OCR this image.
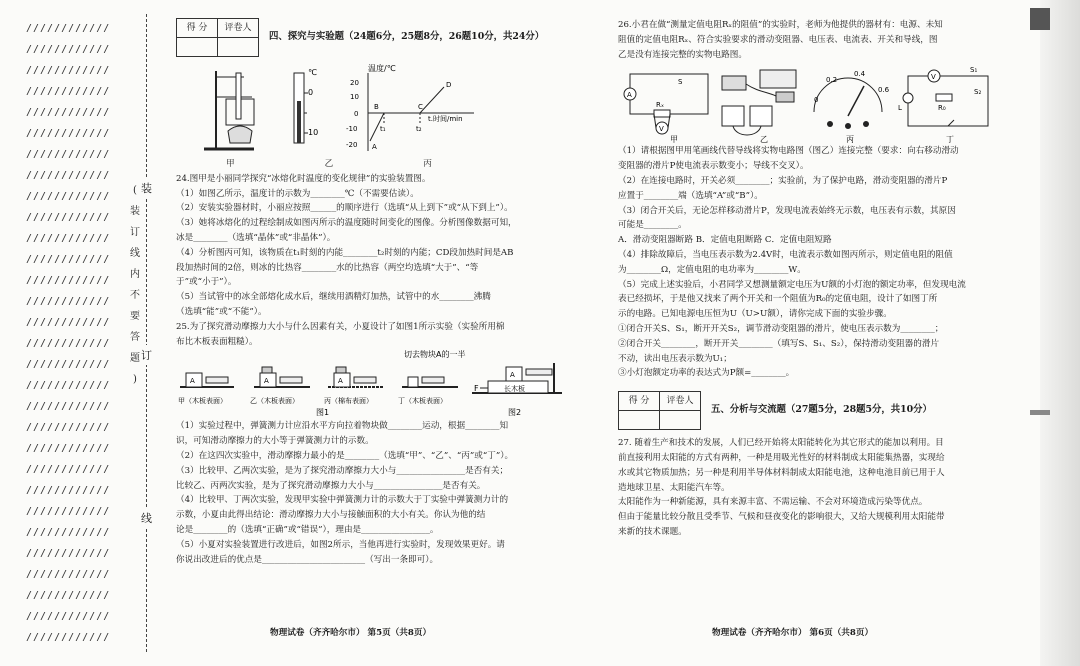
////////////
////////////
////////////
////////////
////////////
////////////
////////////
////////////
////////////
////////////
////////////
////////////
////////////
////////////
////////////
////////////
////////////
////////////
////////////
////////////
////////////
////////////
////////////
////////////
////////////
////////////
////////////
////////////
////////////
////////////
(
装
订
线
内
不
要
答
题
)
装
订
线
得 分	评卷人

四、探究与实验题（24题6分，25题8分，26题10分，共24分）
℃
0
10
温度/℃
20
10
0
-10
-20
B	C
D
A
t₁	t₂
t.时间/min
甲	乙	丙
24.图甲是小丽同学探究“冰熔化时温度的变化规律”的实验装置图。
（1）如图乙所示，温度计的示数为________℃（不需要估读）。
（2）安装实验器材时，小丽应按照______的顺序进行（选填“从上到下”或“从下到上”）。
（3）她将冰熔化的过程绘制成如图丙所示的温度随时间变化的图像。分析图像数据可知，
冰是________（选填“晶体”或“非晶体”）。
（4）分析图丙可知，该物质在t₁时刻的内能________t₂时刻的内能；CD段加热时间是AB
段加热时间的2倍，则冰的比热容________水的比热容（两空均选填“大于”、“等
于”或“小于”）。
（5）当试管中的冰全部熔化成水后，继续用酒精灯加热，试管中的水________沸腾
（选填“能”或“不能”）。
25.为了探究滑动摩擦力大小与什么因素有关，小夏设计了如图1所示实验（实验所用棉
布比木板表面粗糙）。
切去物块A的一半
A	A	A
长木板
A
F
甲（木板表面）	乙（木板表面）	丙（棉布表面）	丁（木板表面）
图1	图2
（1）实验过程中，弹簧测力计应沿水平方向拉着物块做________运动，根据________知
识，可知滑动摩擦力的大小等于弹簧测力计的示数。
（2）在这四次实验中，滑动摩擦力最小的是________（选填“甲”、“乙”、“丙”或“丁”）。
（3）比较甲、乙两次实验，是为了探究滑动摩擦力大小与________________是否有关；
比较乙、丙两次实验，是为了探究滑动摩擦力大小与________________是否有关。
（4）比较甲、丁两次实验，发现甲实验中弹簧测力计的示数大于丁实验中弹簧测力计的
示数，小夏由此得出结论：滑动摩擦力大小与接触面积的大小有关。你认为他的结
论是________的（选填“正确”或“错误”），理由是________________。
（5）小夏对实验装置进行改进后，如图2所示，当他再进行实验时，发现效果更好。请
你说出改进后的优点是________________________（写出一条即可）。
26.小君在做“测量定值电阻Rₓ的阻值”的实验时，老师为他提供的器材有：电源、未知
阻值的定值电阻Rₓ、符合实验要求的滑动变阻器、电压表、电流表、开关和导线，图
乙是没有连接完整的实物电路图。
A
Rₓ
V
S
0
0.2
0.4
0.6
V
L	R₀
S₁
S₂
甲	乙	丙	丁
（1）请根据图甲用笔画线代替导线将实物电路图（图乙）连接完整（要求：向右移动滑动
变阻器的滑片P使电流表示数变小；导线不交叉）。
（2）在连接电路时，开关必须________；实验前，为了保护电路，滑动变阻器的滑片P
应置于________端（选填“A”或“B”）。
（3）闭合开关后，无论怎样移动滑片P，发现电流表始终无示数，电压表有示数，其原因
可能是________。
A．滑动变阻器断路 B．定值电阻断路 C．定值电阻短路
（4）排除故障后，当电压表示数为2.4V时，电流表示数如图丙所示，则定值电阻的阻值
为________Ω，定值电阻的电功率为________W。
（5）完成上述实验后，小君同学又想测量额定电压为U额的小灯泡的额定功率，但发现电流
表已经损坏，于是他又找来了两个开关和一个阻值为R₀的定值电阻，设计了如图丁所
示的电路。已知电源电压恒为U（U>U额），请你完成下面的实验步骤。
①闭合开关S、S₁，断开开关S₂，调节滑动变阻器的滑片，使电压表示数为________；
②闭合开关________，断开开关________（填写S、S₁、S₂），保持滑动变阻器的滑片
不动，读出电压表示数为U₁；
③小灯泡额定功率的表达式为P额=________。
得 分	评卷人

五、分析与交流题（27题5分，28题5分，共10分）
27. 随着生产和技术的发展，人们已经开始将太阳能转化为其它形式的能加以利用。目
前直接利用太阳能的方式有两种，一种是用吸光性好的材料制成太阳能集热器，实现给
水或其它物质加热；另一种是利用半导体材料制成太阳能电池，这种电池目前已用于人
造地球卫星、太阳能汽车等。
太阳能作为一种新能源，具有来源丰富、不需运输、不会对环境造成污染等优点。
但由于能量比较分散且受季节、气候和昼夜变化的影响很大，又给大规模利用太阳能带
来新的技术课题。
物理试卷（齐齐哈尔市） 第5页（共8页）	物理试卷（齐齐哈尔市） 第6页（共8页）
